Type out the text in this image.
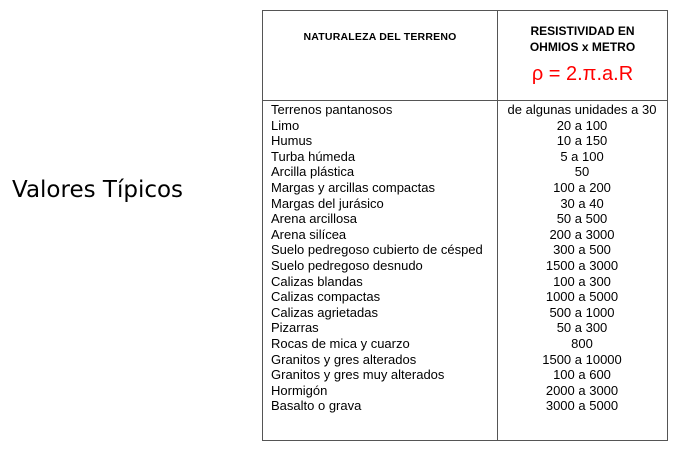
Valores Típicos
NATURALEZA DEL TERRENO	RESISTIVIDAD EN
OHMIOS x METRO
ρ = 2.π.a.R
Terrenos pantanosos	de algunas unidades a 30
Limo	20 a 100
Humus	10 a 150
Turba húmeda	5 a 100
Arcilla plástica	50
Margas y arcillas compactas	100 a 200
Margas del jurásico	30 a 40
Arena arcillosa	50 a 500
Arena silícea	200 a 3000
Suelo pedregoso cubierto de césped	300 a 500
Suelo pedregoso desnudo	1500 a 3000
Calizas blandas	100 a 300
Calizas compactas	1000 a 5000
Calizas agrietadas	500 a 1000
Pizarras	50 a 300
Rocas de mica y cuarzo	800
Granitos y gres alterados	1500 a 10000
Granitos y gres muy alterados	100 a 600
Hormigón	2000 a 3000
Basalto o grava	3000 a 5000
